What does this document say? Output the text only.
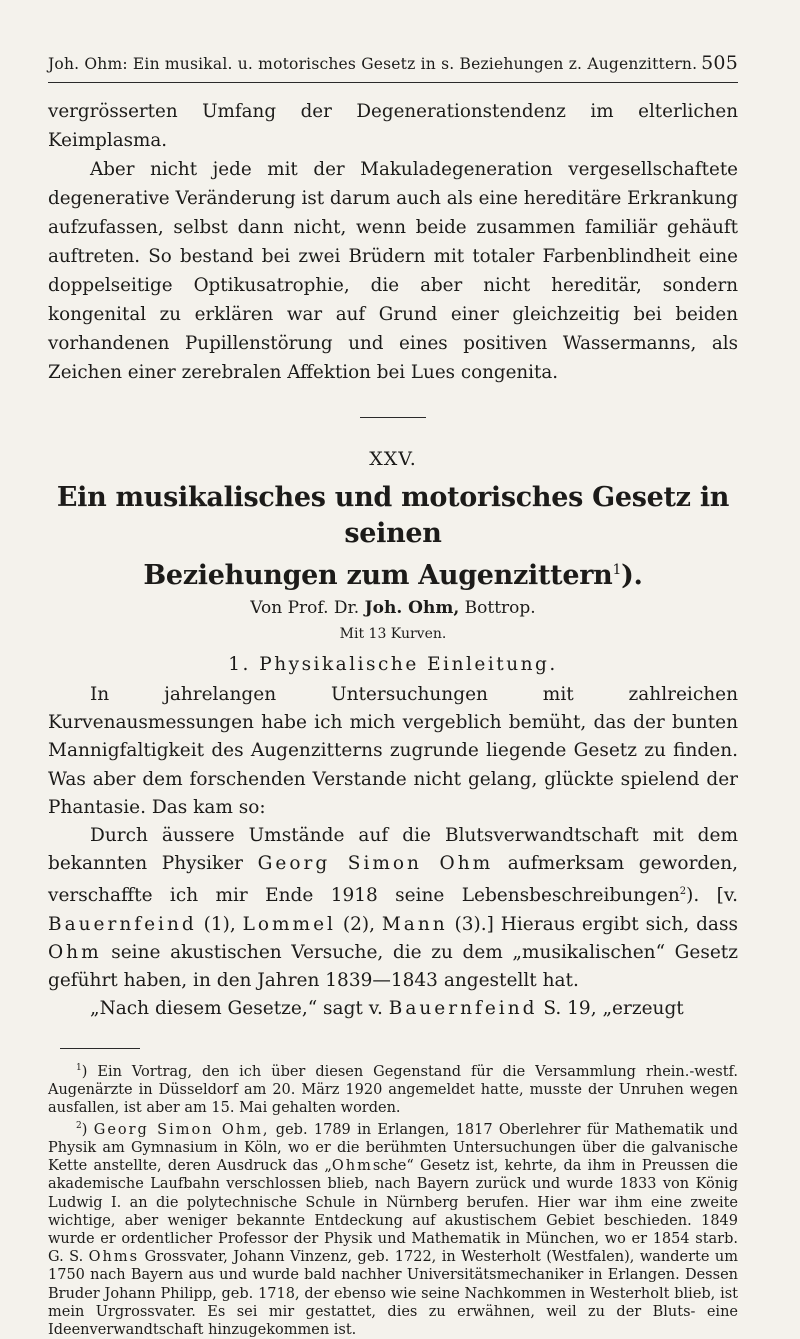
Joh. Ohm: Ein musikal. u. motorisches Gesetz in s. Beziehungen z. Augenzittern. 505

vergrösserten Umfang der Degenerationstendenz im elterlichen Keimplasma.

Aber nicht jede mit der Makuladegeneration vergesellschaftete degenerative Veränderung ist darum auch als eine hereditäre Erkrankung aufzufassen, selbst dann nicht, wenn beide zusammen familiär gehäuft auftreten. So bestand bei zwei Brüdern mit totaler Farbenblindheit eine doppelseitige Optikusatrophie, die aber nicht hereditär, sondern kongenital zu erklären war auf Grund einer gleichzeitig bei beiden vorhandenen Pupillenstörung und eines positiven Wassermanns, als Zeichen einer zerebralen Affektion bei Lues congenita.

XXV.
Ein musikalisches und motorisches Gesetz in seinen
Beziehungen zum Augenzittern$^1$).
Von Prof. Dr. Joh. Ohm, Bottrop.
Mit 13 Kurven.
1. Physikalische Einleitung.

In jahrelangen Untersuchungen mit zahlreichen Kurvenausmessungen habe ich mich vergeblich bemüht, das der bunten Mannigfaltigkeit des Augenzitterns zugrunde liegende Gesetz zu finden. Was aber dem forschenden Verstande nicht gelang, glückte spielend der Phantasie. Das kam so:

Durch äussere Umstände auf die Blutsverwandtschaft mit dem bekannten Physiker Georg Simon Ohm aufmerksam geworden, verschaffte ich mir Ende 1918 seine Lebensbeschreibungen$^2$). [v. Bauernfeind (1), Lommel (2), Mann (3).] Hieraus ergibt sich, dass Ohm seine akustischen Versuche, die zu dem „musikalischen“ Gesetz geführt haben, in den Jahren 1839—1843 angestellt hat.

„Nach diesem Gesetze,“ sagt v. Bauernfeind S. 19, „erzeugt

$^1$) Ein Vortrag, den ich über diesen Gegenstand für die Versammlung rhein.-westf. Augenärzte in Düsseldorf am 20. März 1920 angemeldet hatte, musste der Unruhen wegen ausfallen, ist aber am 15. Mai gehalten worden.

$^2$) Georg Simon Ohm, geb. 1789 in Erlangen, 1817 Oberlehrer für Mathematik und Physik am Gymnasium in Köln, wo er die berühmten Untersuchungen über die galvanische Kette anstellte, deren Ausdruck das „Ohmsche“ Gesetz ist, kehrte, da ihm in Preussen die akademische Laufbahn verschlossen blieb, nach Bayern zurück und wurde 1833 von König Ludwig I. an die polytechnische Schule in Nürnberg berufen. Hier war ihm eine zweite wichtige, aber weniger bekannte Entdeckung auf akustischem Gebiet beschieden. 1849 wurde er ordentlicher Professor der Physik und Mathematik in München, wo er 1854 starb. G. S. Ohms Grossvater, Johann Vinzenz, geb. 1722, in Westerholt (Westfalen), wanderte um 1750 nach Bayern aus und wurde bald nachher Universitätsmechaniker in Erlangen. Dessen Bruder Johann Philipp, geb. 1718, der ebenso wie seine Nachkommen in Westerholt blieb, ist mein Urgrossvater. Es sei mir gestattet, dies zu erwähnen, weil zu der Bluts- eine Ideenverwandtschaft hinzugekommen ist.
